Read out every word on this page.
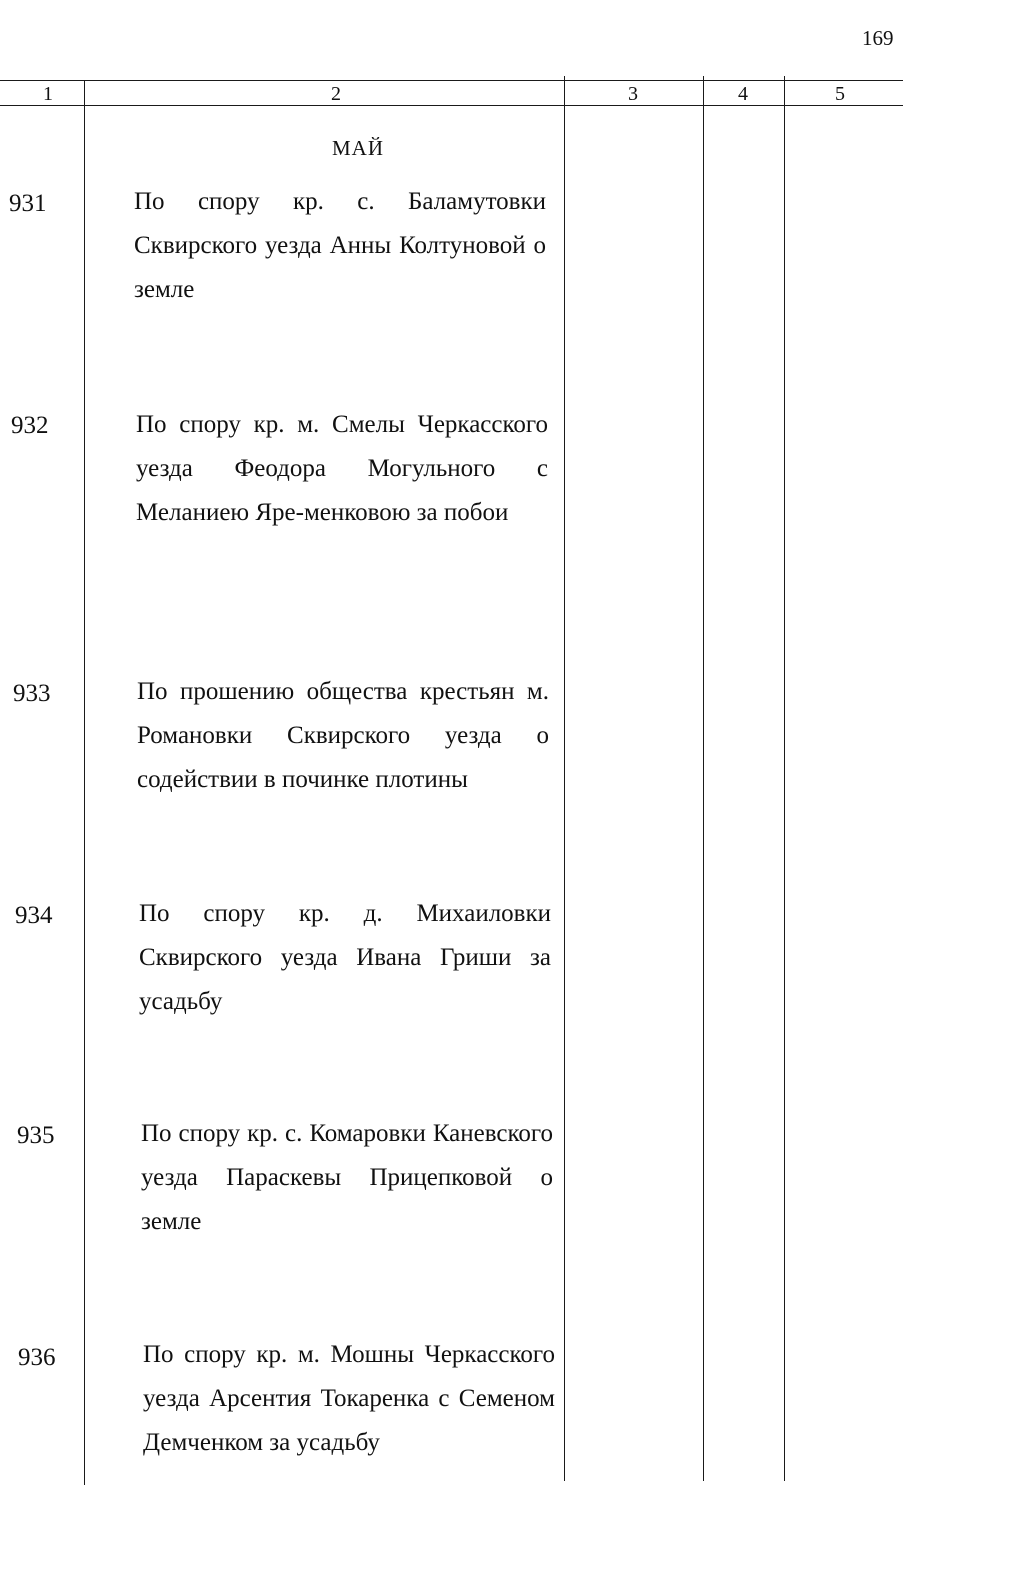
169
1	2	3	4	5
МАЙ
931	По спору кр. с. Баламутовки Сквирского уезда Анны Колтуновой о земле
932	По спору кр. м. Смелы Черкасского уезда Феодора Могульного с Меланиею Яре-менковою за побои
933	По прошению общества крестьян м. Романовки Сквирского уезда о содействии в починке плотины
934	По спору кр. д. Михаиловки Сквирского уезда Ивана Гриши за усадьбу
935	По спору кр. с. Комаровки Каневского уезда Параскевы Прицепковой о земле
936	По спору кр. м. Мошны Черкасского уезда Арсентия Токаренка с Семеном Демченком за усадьбу
